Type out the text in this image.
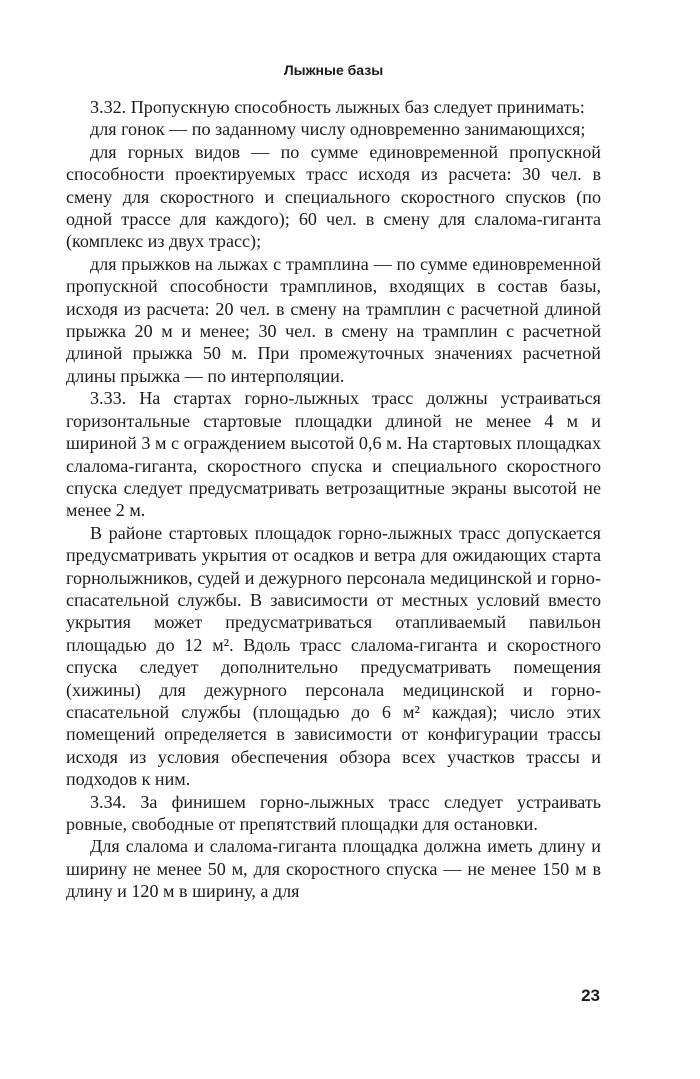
Лыжные базы

3.32. Пропускную способность лыжных баз следует принимать:

для гонок — по заданному числу одновременно занимающихся;

для горных видов — по сумме единовременной пропускной способности проектируемых трасс исходя из расчета: 30 чел. в смену для скоростного и специального скоростного спусков (по одной трассе для каждого); 60 чел. в смену для слалома-гиганта (комплекс из двух трасс);

для прыжков на лыжах с трамплина — по сумме единовременной пропускной способности трамплинов, входящих в состав базы, исходя из расчета: 20 чел. в смену на трамплин с расчетной длиной прыжка 20 м и менее; 30 чел. в смену на трамплин с расчетной длиной прыжка 50 м. При промежуточных значениях расчетной длины прыжка — по интерполяции.

3.33. На стартах горно-лыжных трасс должны устраиваться горизонтальные стартовые площадки длиной не менее 4 м и шириной 3 м с ограждением высотой 0,6 м. На стартовых площадках слалома-гиганта, скоростного спуска и специального скоростного спуска следует предусматривать ветрозащитные экраны высотой не менее 2 м.

В районе стартовых площадок горно-лыжных трасс допускается предусматривать укрытия от осадков и ветра для ожидающих старта горнолыжников, судей и дежурного персонала медицинской и горно-спасательной службы. В зависимости от местных условий вместо укрытия может предусматриваться отапливаемый павильон площадью до 12 м². Вдоль трасс слалома-гиганта и скоростного спуска следует дополнительно предусматривать помещения (хижины) для дежурного персонала медицинской и горно-спасательной службы (площадью до 6 м² каждая); число этих помещений определяется в зависимости от конфигурации трассы исходя из условия обеспечения обзора всех участков трассы и подходов к ним.

3.34. За финишем горно-лыжных трасс следует устраивать ровные, свободные от препятствий площадки для остановки.

Для слалома и слалома-гиганта площадка должна иметь длину и ширину не менее 50 м, для скоростного спуска — не менее 150 м в длину и 120 м в ширину, а для

23
